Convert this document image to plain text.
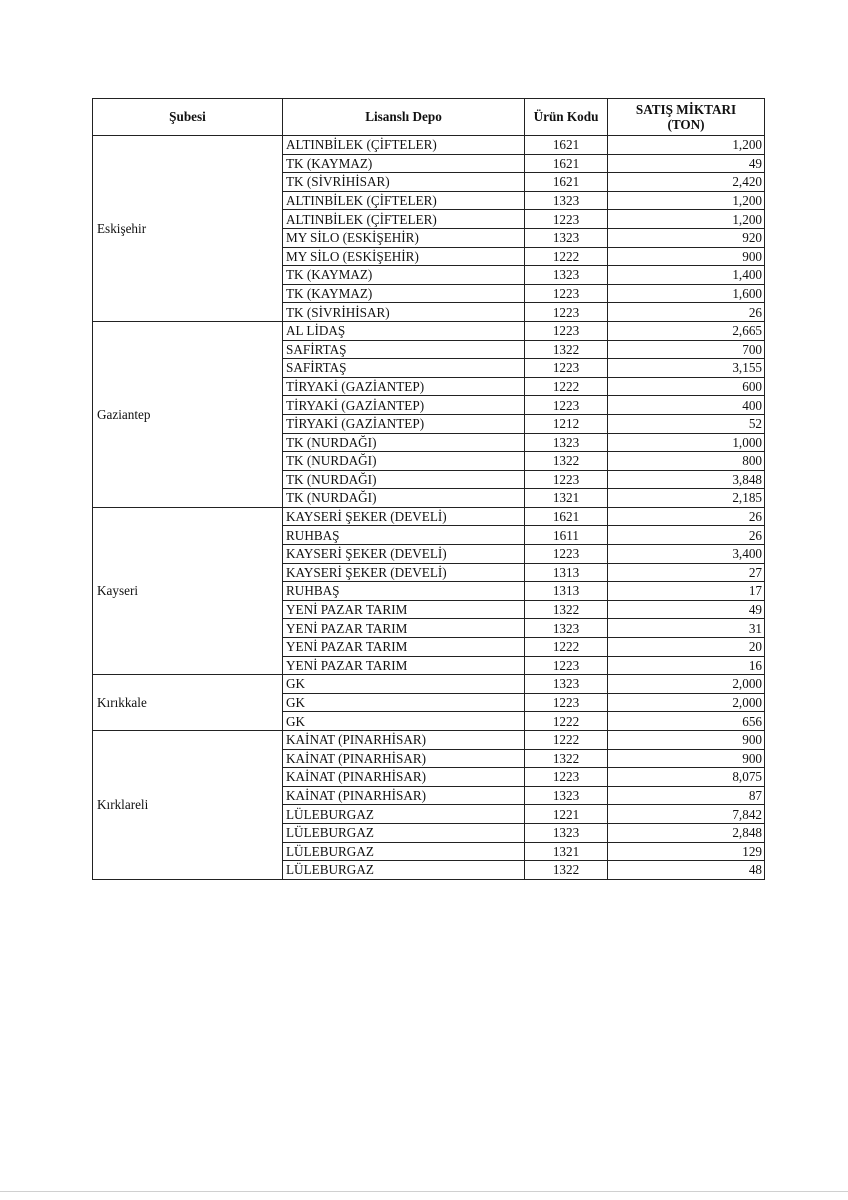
Şubesi	Lisanslı Depo	Ürün Kodu	SATIŞ MİKTARI
(TON)
Eskişehir	ALTINBİLEK (ÇİFTELER)	1621	1,200
	TK (KAYMAZ)	1621	49
	TK (SİVRİHİSAR)	1621	2,420
	ALTINBİLEK (ÇİFTELER)	1323	1,200
	ALTINBİLEK (ÇİFTELER)	1223	1,200
	MY SİLO (ESKİŞEHİR)	1323	920
	MY SİLO (ESKİŞEHİR)	1222	900
	TK (KAYMAZ)	1323	1,400
	TK (KAYMAZ)	1223	1,600
	TK (SİVRİHİSAR)	1223	26
Gaziantep	AL LİDAŞ	1223	2,665
	SAFİRTAŞ	1322	700
	SAFİRTAŞ	1223	3,155
	TİRYAKİ (GAZİANTEP)	1222	600
	TİRYAKİ (GAZİANTEP)	1223	400
	TİRYAKİ (GAZİANTEP)	1212	52
	TK (NURDAĞI)	1323	1,000
	TK (NURDAĞI)	1322	800
	TK (NURDAĞI)	1223	3,848
	TK (NURDAĞI)	1321	2,185
Kayseri	KAYSERİ ŞEKER (DEVELİ)	1621	26
	RUHBAŞ	1611	26
	KAYSERİ ŞEKER (DEVELİ)	1223	3,400
	KAYSERİ ŞEKER (DEVELİ)	1313	27
	RUHBAŞ	1313	17
	YENİ PAZAR TARIM	1322	49
	YENİ PAZAR TARIM	1323	31
	YENİ PAZAR TARIM	1222	20
	YENİ PAZAR TARIM	1223	16
Kırıkkale	GK	1323	2,000
	GK	1223	2,000
	GK	1222	656
Kırklareli	KAİNAT (PINARHİSAR)	1222	900
	KAİNAT (PINARHİSAR)	1322	900
	KAİNAT (PINARHİSAR)	1223	8,075
	KAİNAT (PINARHİSAR)	1323	87
	LÜLEBURGAZ	1221	7,842
	LÜLEBURGAZ	1323	2,848
	LÜLEBURGAZ	1321	129
	LÜLEBURGAZ	1322	48
